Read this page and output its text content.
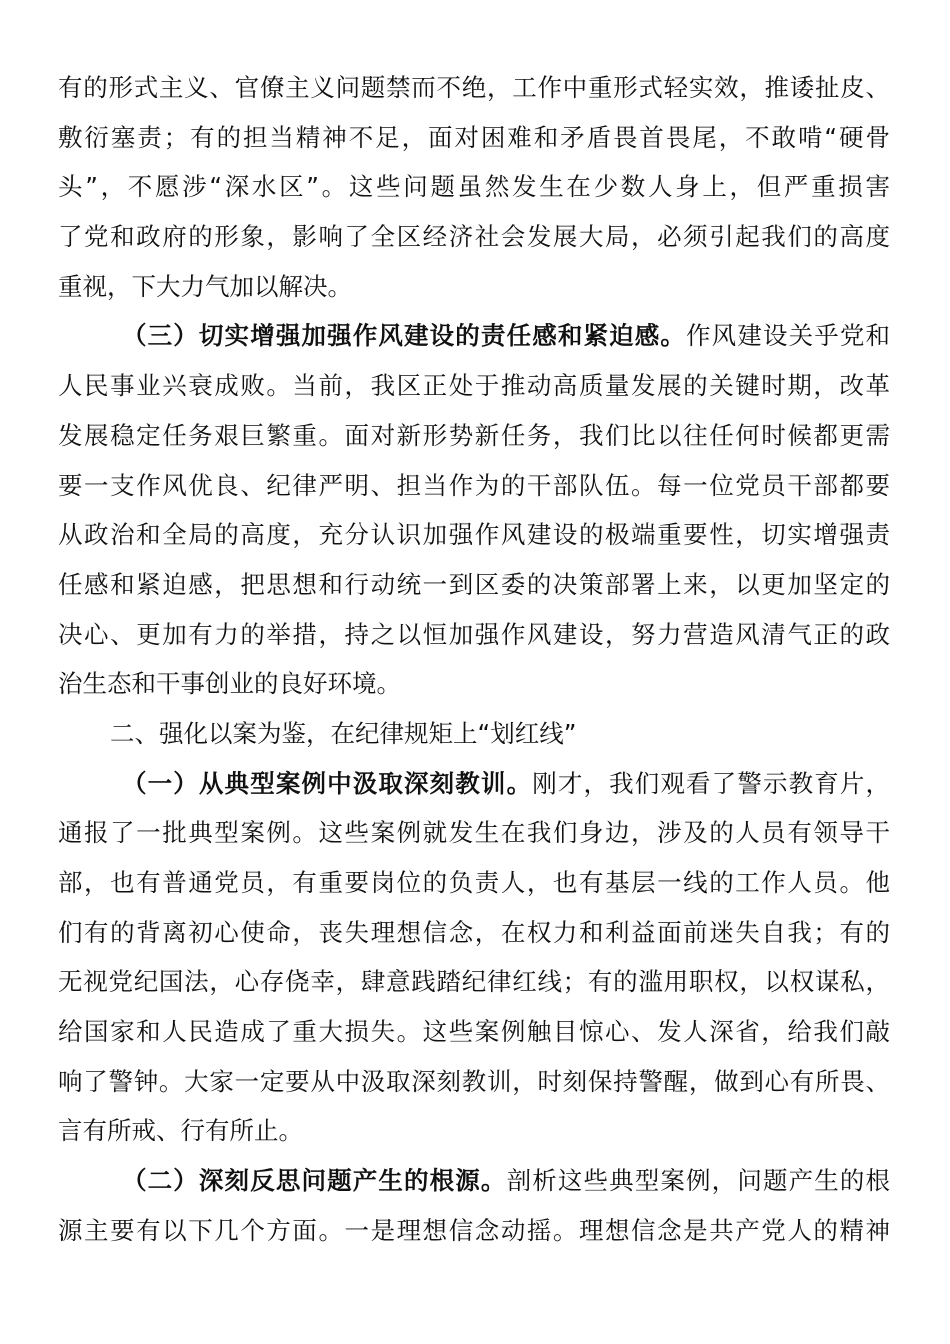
有的形式主义、官僚主义问题禁而不绝，工作中重形式轻实效，推诿扯皮、
敷衍塞责；有的担当精神不足，面对困难和矛盾畏首畏尾，不敢啃“硬骨
头”，不愿涉“深水区”。这些问题虽然发生在少数人身上，但严重损害
了党和政府的形象，影响了全区经济社会发展大局，必须引起我们的高度
重视，下大力气加以解决。
（三）切实增强加强作风建设的责任感和紧迫感。作风建设关乎党和
人民事业兴衰成败。当前，我区正处于推动高质量发展的关键时期，改革
发展稳定任务艰巨繁重。面对新形势新任务，我们比以往任何时候都更需
要一支作风优良、纪律严明、担当作为的干部队伍。每一位党员干部都要
从政治和全局的高度，充分认识加强作风建设的极端重要性，切实增强责
任感和紧迫感，把思想和行动统一到区委的决策部署上来，以更加坚定的
决心、更加有力的举措，持之以恒加强作风建设，努力营造风清气正的政
治生态和干事创业的良好环境。
二、强化以案为鉴，在纪律规矩上“划红线”
（一）从典型案例中汲取深刻教训。刚才，我们观看了警示教育片，
通报了一批典型案例。这些案例就发生在我们身边，涉及的人员有领导干
部，也有普通党员，有重要岗位的负责人，也有基层一线的工作人员。他
们有的背离初心使命，丧失理想信念，在权力和利益面前迷失自我；有的
无视党纪国法，心存侥幸，肆意践踏纪律红线；有的滥用职权，以权谋私，
给国家和人民造成了重大损失。这些案例触目惊心、发人深省，给我们敲
响了警钟。大家一定要从中汲取深刻教训，时刻保持警醒，做到心有所畏、
言有所戒、行有所止。
（二）深刻反思问题产生的根源。剖析这些典型案例，问题产生的根
源主要有以下几个方面。一是理想信念动摇。理想信念是共产党人的精神
